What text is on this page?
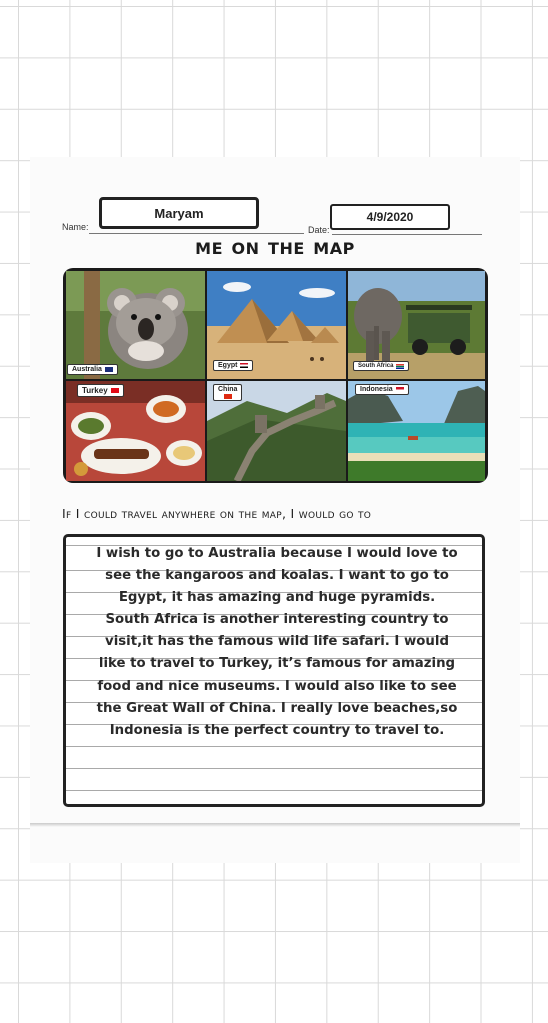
Name:
Maryam
Date:
4/9/2020
me on the map
Australia
Egypt	South Africa
Turkey	China	Indonesia
If I could travel anywhere on the map, I would go to
I wish to go to Australia because I would love to see the kangaroos and koalas. I want to go to Egypt, it has amazing and huge pyramids. South Africa is another interesting country to visit,it has the famous wild life safari. I would like to travel to Turkey, it’s famous for amazing food and nice museums. I would also like to see the Great Wall of China. I really love beaches,so Indonesia is the perfect country to travel to.
